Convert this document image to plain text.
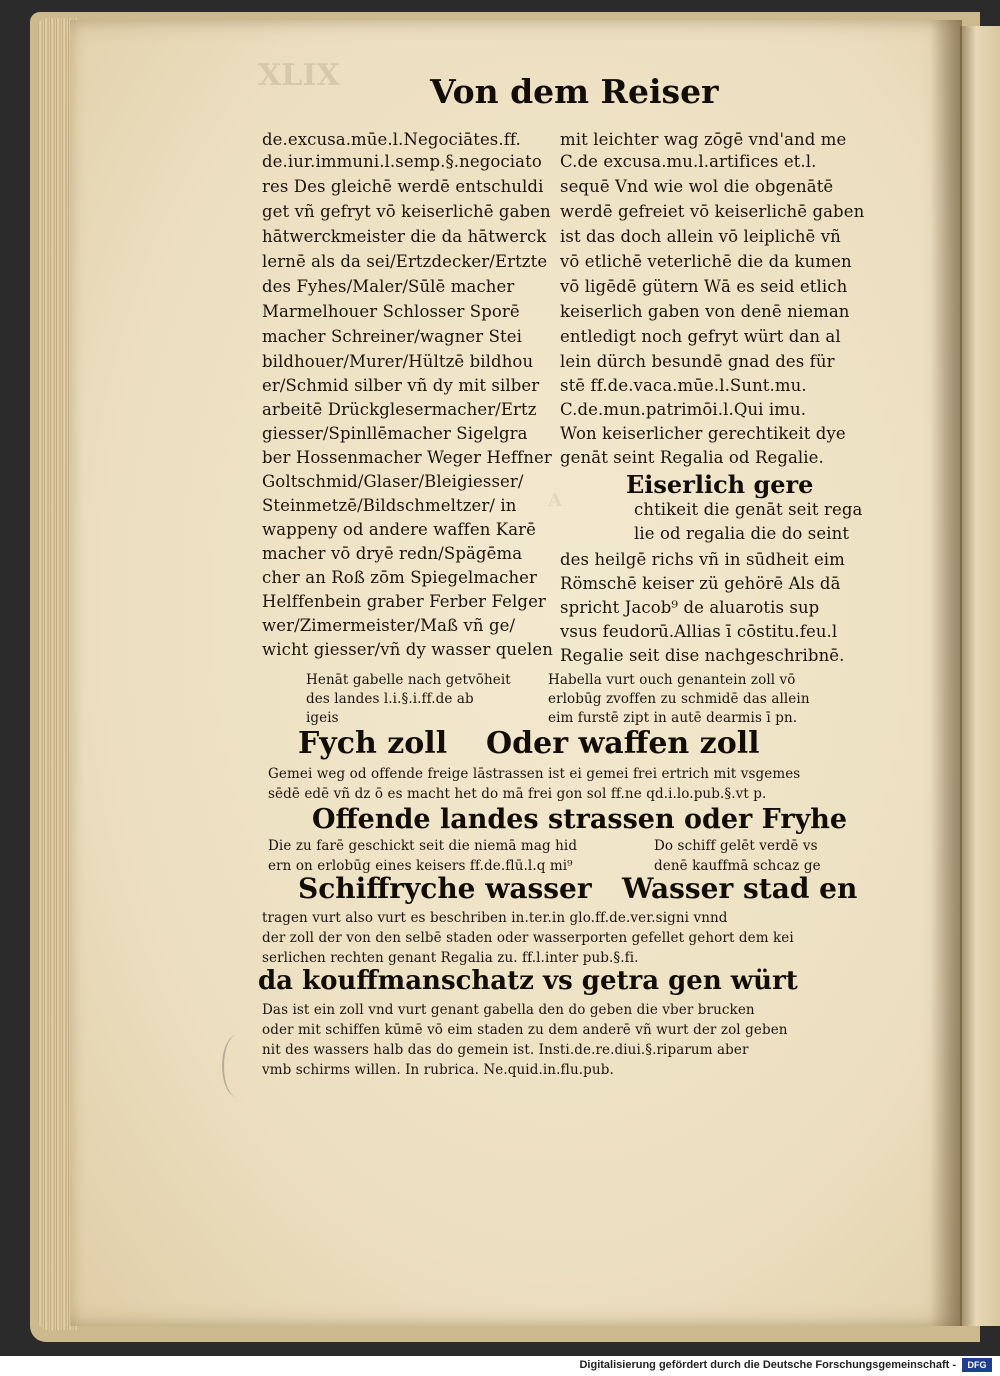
XLIX
A
Von dem Reiser
de.excusa.mūe.l.Negociātes.ff.
de.iur.immuni.l.semp.§.negociato
res Des gleichē werdē entschuldi
get vñ gefryt vō keiserlichē gaben
hātwerckmeister die da hātwerck
lernē als da sei/Ertzdecker/Ertzte
des Fyhes/Maler/Sūlē macher
Marmelhouer Schlosser Sporē
macher Schreiner/wagner Stei
bildhouer/Murer/Hültzē bildhou
er/Schmid silber vñ dy mit silber
arbeitē Drückglesermacher/Ertz
giesser/Spinllēmacher Sigelgra
ber Hossenmacher Weger Heffner
Goltschmid/Glaser/Bleigiesser/
Steinmetzē/Bildschmeltzer/ in
wappeny od andere waffen Karē
macher vō dryē redn/Spägēma
cher an Roß zōm Spiegelmacher
Helffenbein graber Ferber Felger
wer/Zimermeister/Maß vñ ge/
wicht giesser/vñ dy wasser quelen
mit leichter wag zōgē vnd'and me
C.de excusa.mu.l.artifices et.l.
sequē Vnd wie wol die obgenātē
werdē gefreiet vō keiserlichē gaben
ist das doch allein vō leiplichē vñ
vō etlichē veterlichē die da kumen
vō ligēdē gütern Wā es seid etlich
keiserlich gaben von denē nieman
entledigt noch gefryt würt dan al
lein dürch besundē gnad des für
stē ff.de.vaca.mūe.l.Sunt.mu.
C.de.mun.patrimōi.l.Qui imu.
Won keiserlicher gerechtikeit dye
genāt seint Regalia od Regalie.
Eiserlich gere
chtikeit die genāt seit rega
lie od regalia die do seint
des heilgē richs vñ in sūdheit eim
Römschē keiser zü gehörē Als dā
spricht Jacob⁹ de aluarotis sup
vsus feudorū.Allias ī cōstitu.feu.l
Regalie seit dise nachgeschribnē.
Henāt gabelle nach getvōheit
des landes l.i.§.i.ff.de ab
igeis
Habella vurt ouch genantein zoll vō
erlobūg zvoffen zu schmidē das allein
eim furstē zipt in autē dearmis ī pn.
Fych zoll Oder waffen zoll
Gemei weg od offende freige lāstrassen ist ei gemei frei ertrich mit vsgemes
sēdē edē vñ dz ō es macht het do mā frei gon sol ff.ne qd.i.lo.pub.§.vt p.
Offende landes strassen oder Fryhe
Die zu farē geschickt seit die niemā mag hid
ern on erlobūg eines keisers ff.de.flū.l.q mi⁹
Do schiff gelēt verdē vs
denē kauffmā schcaz ge
Schiffryche wasser Wasser stad en
tragen vurt also vurt es beschriben in.ter.in glo.ff.de.ver.signi vnnd
der zoll der von den selbē staden oder wasserporten gefellet gehort dem kei
serlichen rechten genant Regalia zu. ff.l.inter pub.§.fi.
da kouffmanschatz vs getra gen würt
Das ist ein zoll vnd vurt genant gabella den do geben die vber brucken
oder mit schiffen kūmē vō eim staden zu dem anderē vñ wurt der zol geben
nit des wassers halb das do gemein ist. Insti.de.re.diui.§.riparum aber
vmb schirms willen. In rubrica. Ne.quid.in.flu.pub.
Digitalisierung gefördert durch die Deutsche Forschungsgemeinschaft -	DFG
